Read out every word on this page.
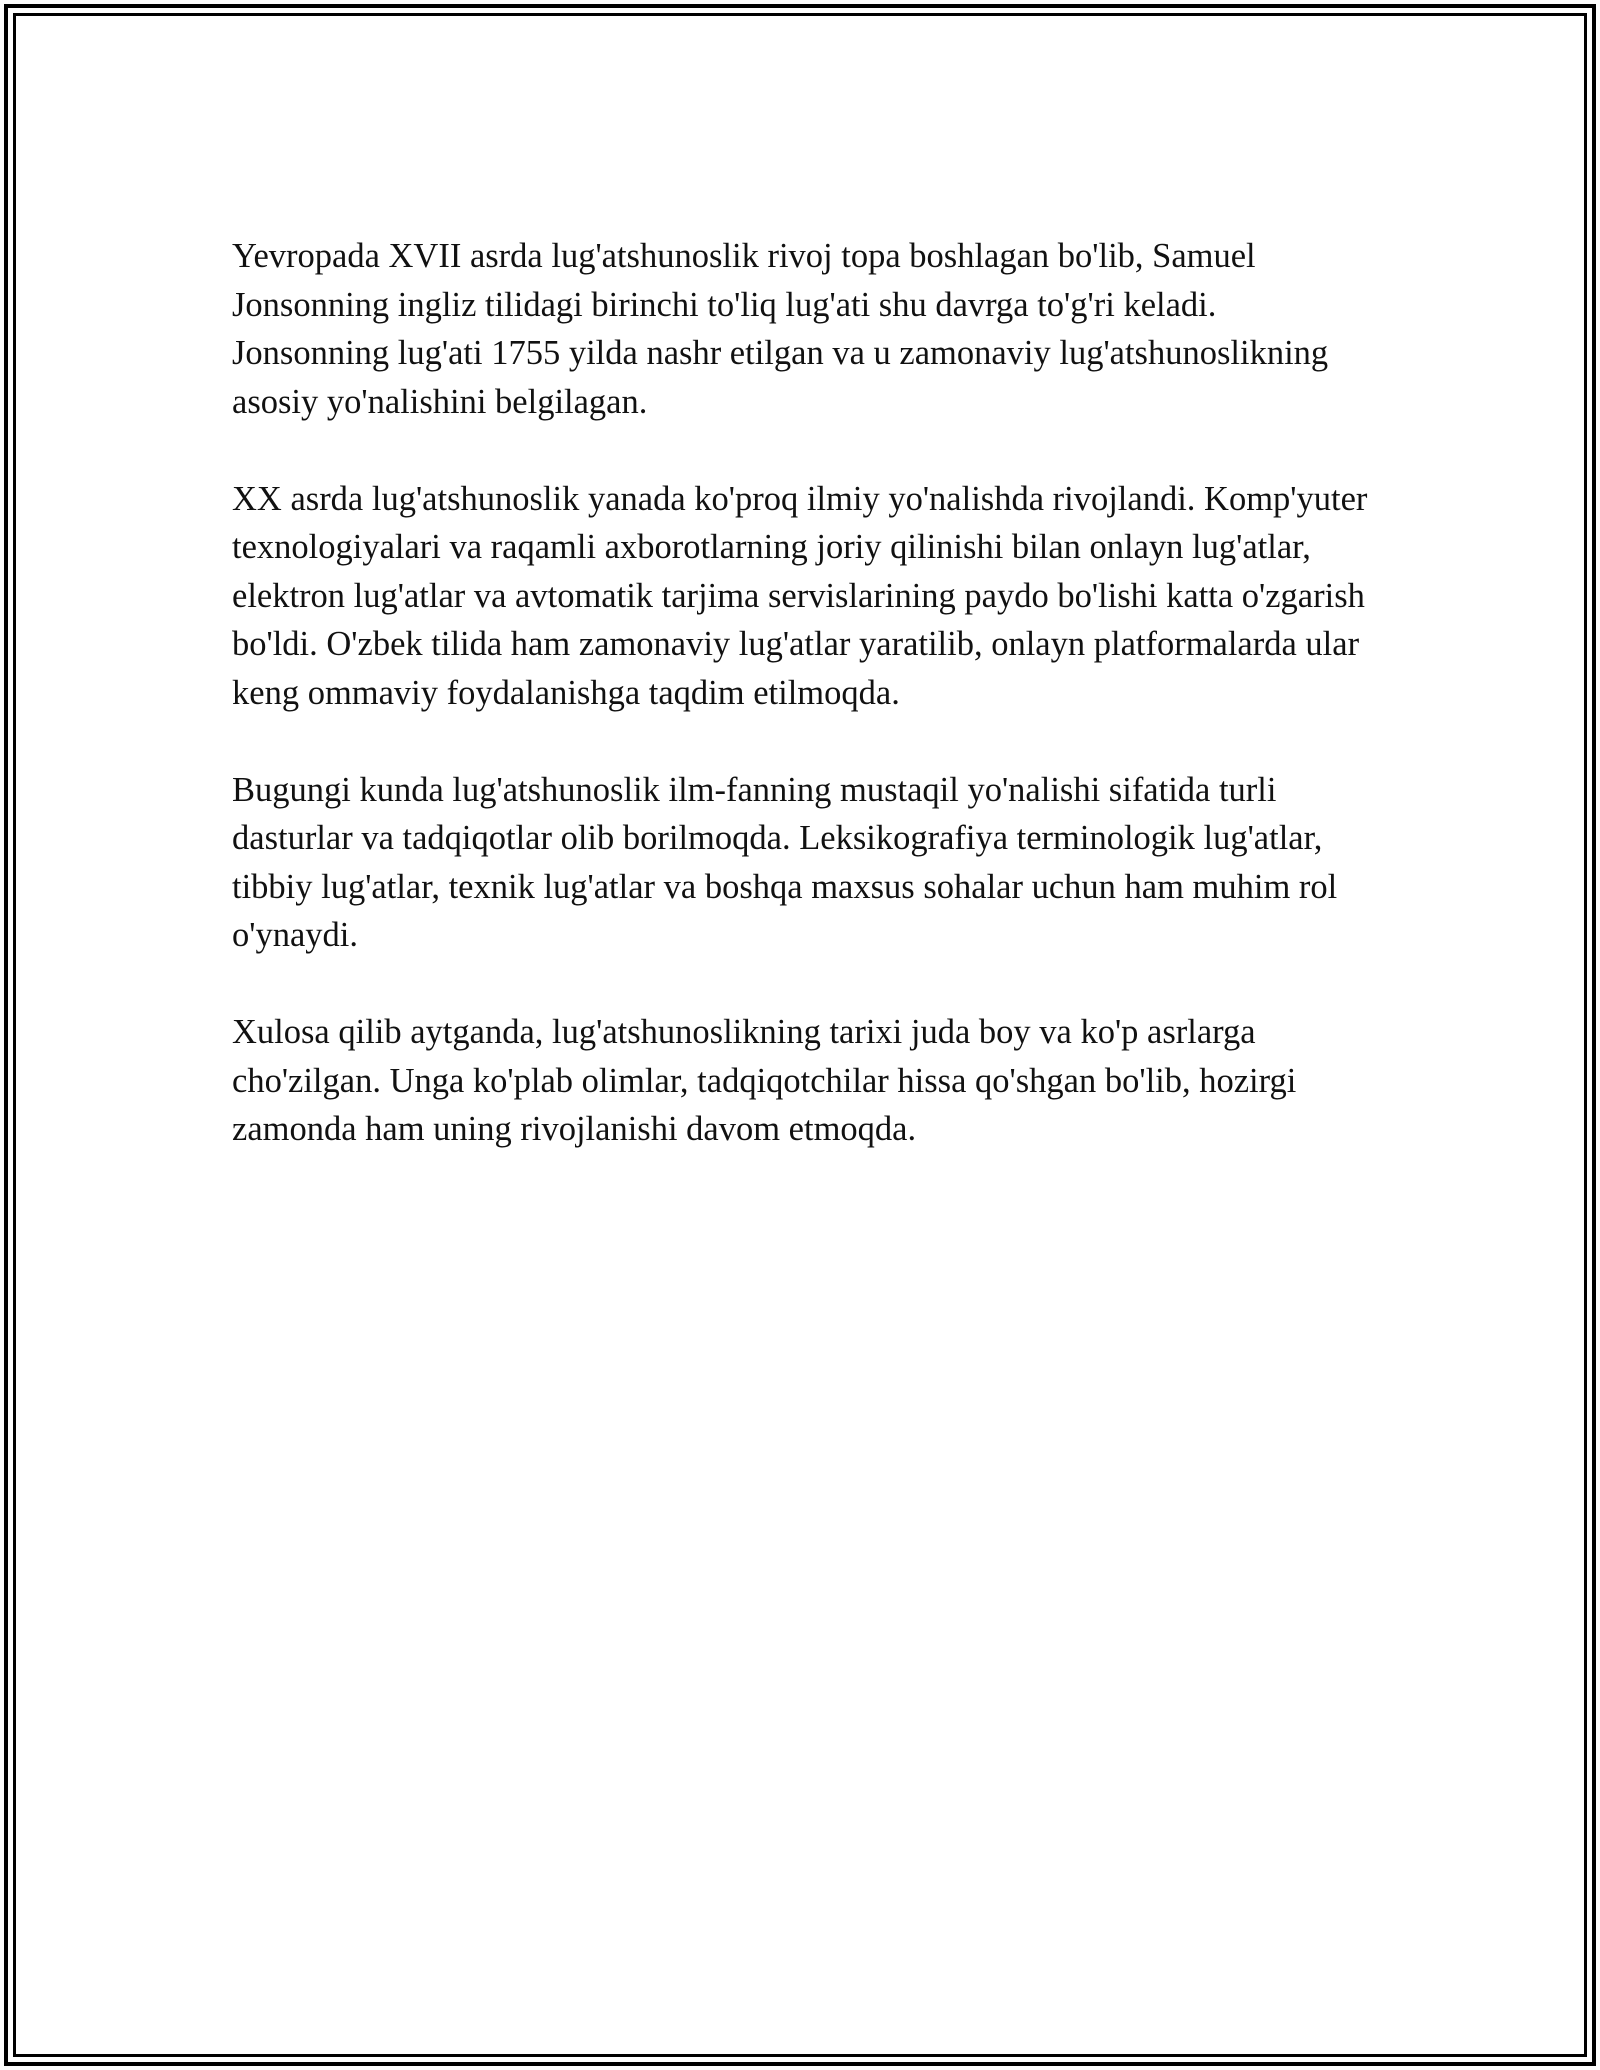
Yevropada XVII asrda lug'atshunoslik rivoj topa boshlagan bo'lib, Samuel Jonsonning ingliz tilidagi birinchi to'liq lug'ati shu davrga to'g'ri keladi. Jonsonning lug'ati 1755 yilda nashr etilgan va u zamonaviy lug'atshunoslikning asosiy yo'nalishini belgilagan.

XX asrda lug'atshunoslik yanada ko'proq ilmiy yo'nalishda rivojlandi. Komp'yuter texnologiyalari va raqamli axborotlarning joriy qilinishi bilan onlayn lug'atlar, elektron lug'atlar va avtomatik tarjima servislarining paydo bo'lishi katta o'zgarish bo'ldi. O'zbek tilida ham zamonaviy lug'atlar yaratilib, onlayn platformalarda ular keng ommaviy foydalanishga taqdim etilmoqda.

Bugungi kunda lug'atshunoslik ilm-fanning mustaqil yo'nalishi sifatida turli dasturlar va tadqiqotlar olib borilmoqda. Leksikografiya terminologik lug'atlar, tibbiy lug'atlar, texnik lug'atlar va boshqa maxsus sohalar uchun ham muhim rol o'ynaydi.

Xulosa qilib aytganda, lug'atshunoslikning tarixi juda boy va ko'p asrlarga cho'zilgan. Unga ko'plab olimlar, tadqiqotchilar hissa qo'shgan bo'lib, hozirgi zamonda ham uning rivojlanishi davom etmoqda.
